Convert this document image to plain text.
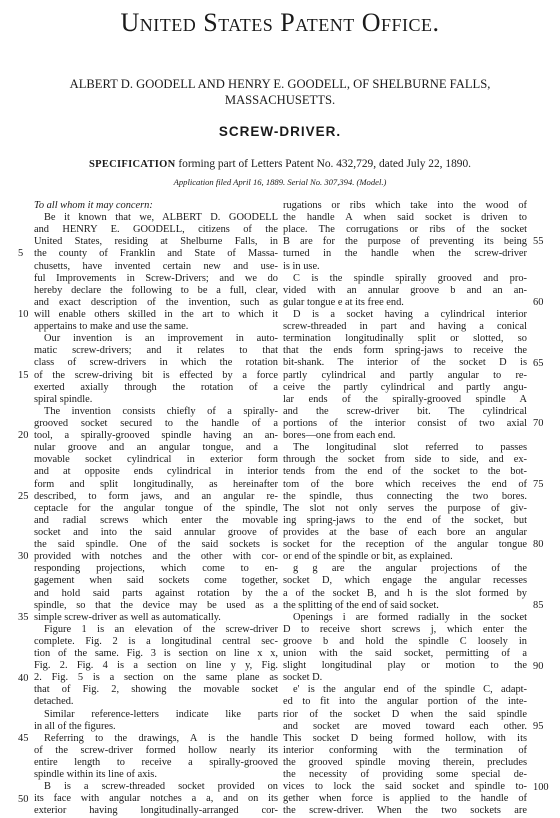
United States Patent Office.
ALBERT D. GOODELL AND HENRY E. GOODELL, OF SHELBURNE FALLS,
MASSACHUSETTS.
SCREW-DRIVER.
SPECIFICATION forming part of Letters Patent No. 432,729, dated July 22, 1890.
Application filed April 16, 1889. Serial No. 307,394. (Model.)
To all whom it may concern:
Be it known that we, ALBERT D. GOODELL
and HENRY E. GOODELL, citizens of the
United States, residing at Shelburne Falls, in
the county of Franklin and State of Massa-
chusetts, have invented certain new and use-
ful Improvements in Screw-Drivers; and we do
hereby declare the following to be a full, clear,
and exact description of the invention, such as
will enable others skilled in the art to which it
appertains to make and use the same.
Our invention is an improvement in auto-
matic screw-drivers; and it relates to that
class of screw-drivers in which the rotation
of the screw-driving bit is effected by a force
exerted axially through the rotation of a
spiral spindle.
The invention consists chiefly of a spirally-
grooved socket secured to the handle of a
tool, a spirally-grooved spindle having an an-
nular groove and an angular tongue, and a
movable socket cylindrical in exterior form
and at opposite ends cylindrical in interior
form and split longitudinally, as hereinafter
described, to form jaws, and an angular re-
ceptacle for the angular tongue of the spindle,
and radial screws which enter the movable
socket and into the said annular groove of
the said spindle. One of the said sockets is
provided with notches and the other with cor-
responding projections, which come to en-
gagement when said sockets come together,
and hold said parts against rotation by the
spindle, so that the device may be used as a
simple screw-driver as well as automatically.
Figure 1 is an elevation of the screw-driver
complete. Fig. 2 is a longitudinal central sec-
tion of the same. Fig. 3 is section on line x x,
Fig. 2. Fig. 4 is a section on line y y, Fig.
2. Fig. 5 is a section on the same plane as
that of Fig. 2, showing the movable socket
detached.
Similar reference-letters indicate like parts
in all of the figures.
Referring to the drawings, A is the handle
of the screw-driver formed hollow nearly its
entire length to receive a spirally-grooved
spindle within its line of axis.
B is a screw-threaded socket provided on
its face with angular notches a a, and on its
exterior having longitudinally-arranged cor-
rugations or ribs which take into the wood of
the handle A when said socket is driven to
place. The corrugations or ribs of the socket
B are for the purpose of preventing its being
turned in the handle when the screw-driver
is in use.
C is the spindle spirally grooved and pro-
vided with an annular groove b and an an-
gular tongue e at its free end.
D is a socket having a cylindrical interior
screw-threaded in part and having a conical
termination longitudinally split or slotted, so
that the ends form spring-jaws to receive the
bit-shank. The interior of the socket D is
partly cylindrical and partly angular to re-
ceive the partly cylindrical and partly angu-
lar ends of the spirally-grooved spindle A
and the screw-driver bit. The cylindrical
portions of the interior consist of two axial
bores—one from each end.
The longitudinal slot referred to passes
through the socket from side to side, and ex-
tends from the end of the socket to the bot-
tom of the bore which receives the end of
the spindle, thus connecting the two bores.
The slot not only serves the purpose of giv-
ing spring-jaws to the end of the socket, but
provides at the base of each bore an angular
socket for the reception of the angular tongue
or end of the spindle or bit, as explained.
g g are the angular projections of the
socket D, which engage the angular recesses
a of the socket B, and h is the slot formed by
the splitting of the end of said socket.
Openings i are formed radially in the socket
D to receive short screws j, which enter the
groove b and hold the spindle C loosely in
union with the said socket, permitting of a
slight longitudinal play or motion to the
socket D.
e' is the angular end of the spindle C, adapt-
ed to fit into the angular portion of the inte-
rior of the socket D when the said spindle
and socket are moved toward each other.
This socket D being formed hollow, with its
interior conforming with the termination of
the grooved spindle moving therein, precludes
the necessity of providing some special de-
vices to lock the said socket and spindle to-
gether when force is applied to the handle of
the screw-driver. When the two sockets are
5
10
15
20
25
30
35
40
45
50
55
60
65
70
75
80
85
90
95
100
